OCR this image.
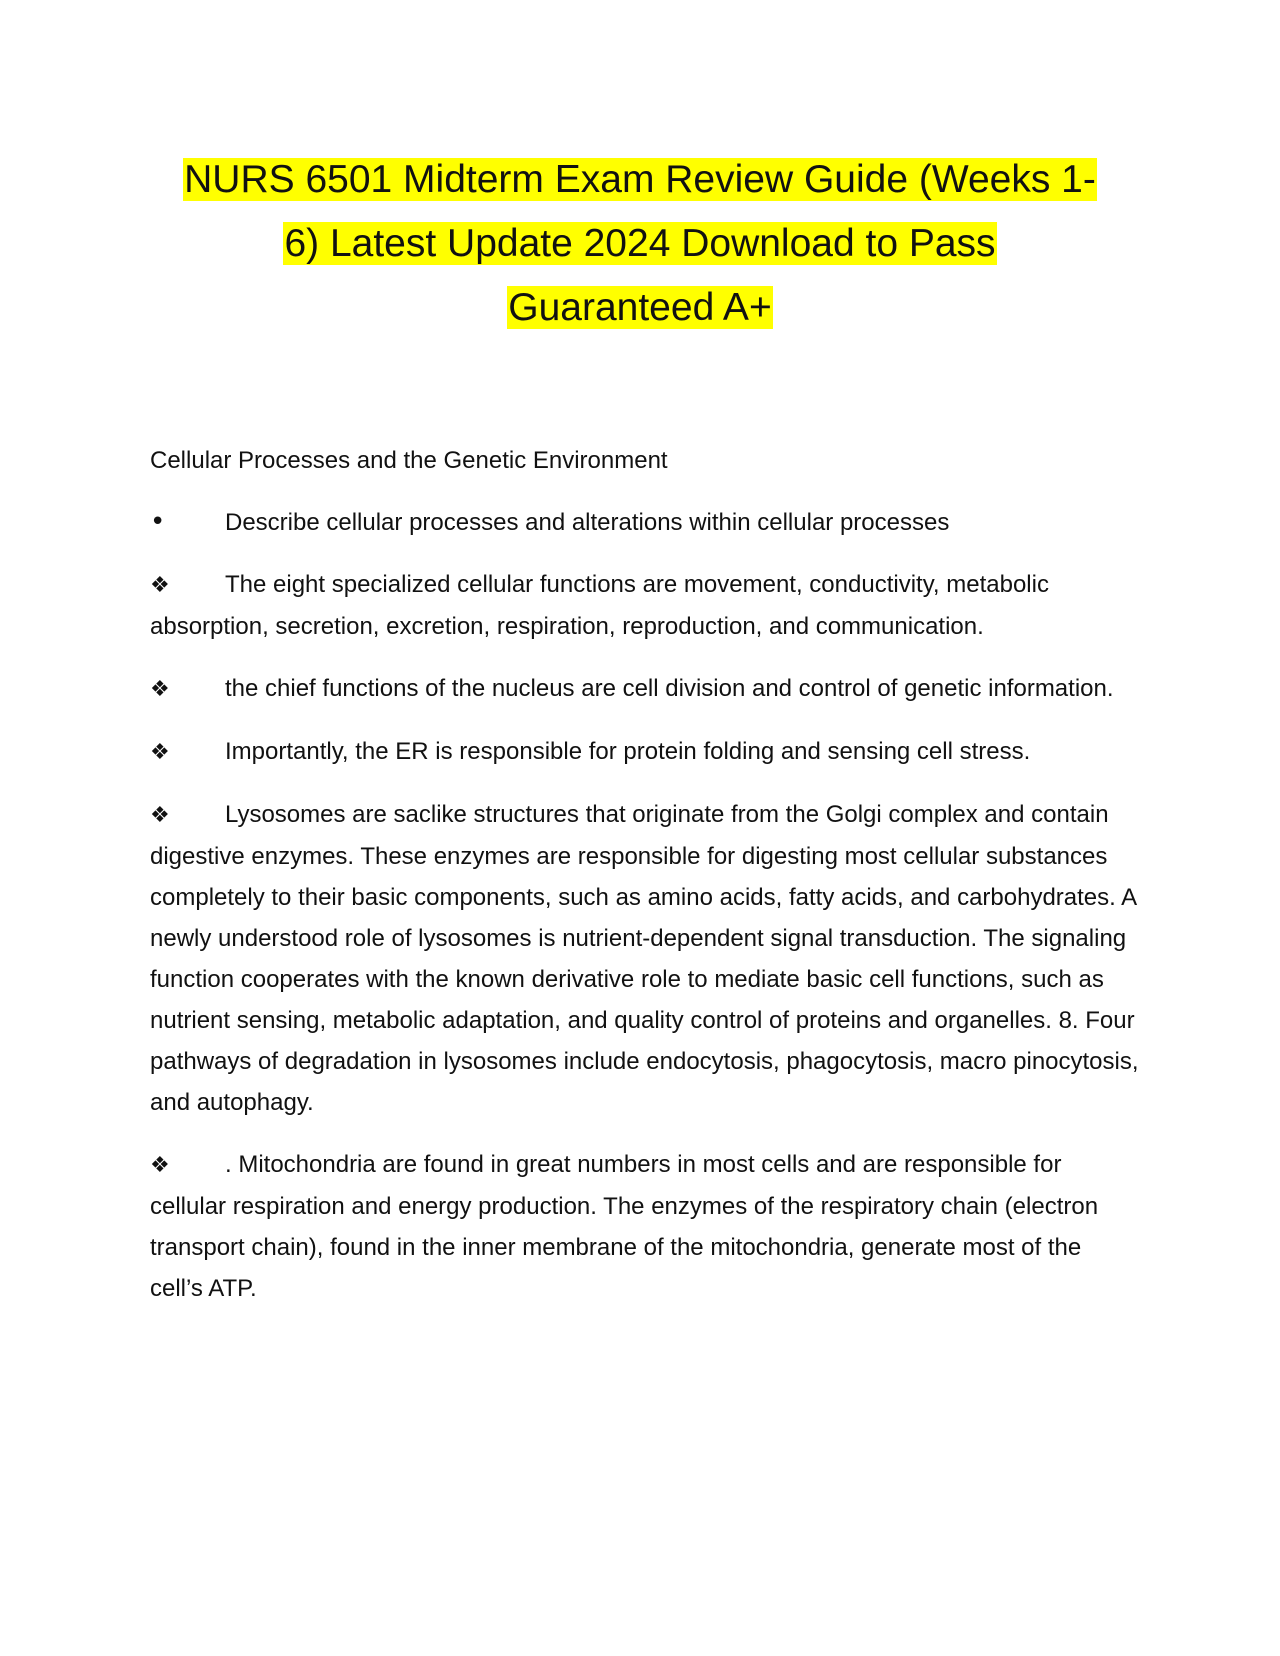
NURS 6501 Midterm Exam Review Guide (Weeks 1-
6) Latest Update 2024 Download to Pass
Guaranteed A+

Cellular Processes and the Genetic Environment

• Describe cellular processes and alterations within cellular processes

❖ The eight specialized cellular functions are movement, conductivity, metabolic absorption, secretion, excretion, respiration, reproduction, and communication.

❖ the chief functions of the nucleus are cell division and control of genetic information.

❖ Importantly, the ER is responsible for protein folding and sensing cell stress.

❖ Lysosomes are saclike structures that originate from the Golgi complex and contain digestive enzymes. These enzymes are responsible for digesting most cellular substances completely to their basic components, such as amino acids, fatty acids, and carbohydrates. A newly understood role of lysosomes is nutrient-dependent signal transduction. The signaling function cooperates with the known derivative role to mediate basic cell functions, such as nutrient sensing, metabolic adaptation, and quality control of proteins and organelles. 8. Four pathways of degradation in lysosomes include endocytosis, phagocytosis, macro pinocytosis, and autophagy.

❖ . Mitochondria are found in great numbers in most cells and are responsible for cellular respiration and energy production. The enzymes of the respiratory chain (electron transport chain), found in the inner membrane of the mitochondria, generate most of the cell’s ATP.
